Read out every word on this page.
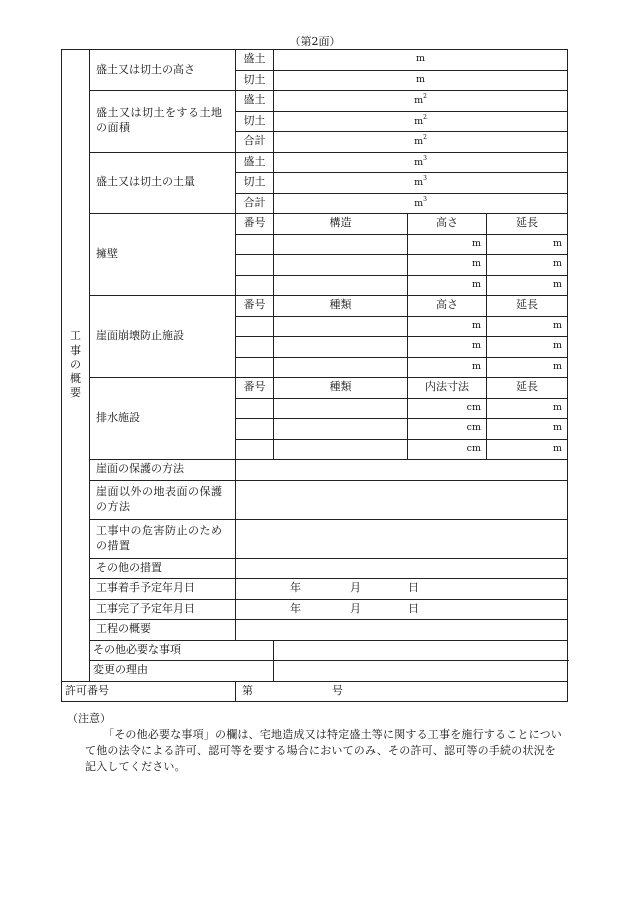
（第2面）
工事の概要	盛土又は切土の高さ	盛土	m		
		切土	m		
	盛土又は切土をする土地の面積	盛土	$m^2$
		切土	$m^2$
		合計	$m^2$
	盛土又は切土の土量	盛土	$m^3$
		切土	$m^3$
		合計	$m^3$
	擁壁	番号	構造	高さ	延長
				m	m
				m	m
				m	m
	崖面崩壊防止施設	番号	種類	高さ	延長
				m	m
				m	m
				m	m
	排水施設	番号	種類	内法寸法	延長
				cm	m
				cm	m
				cm	m
	崖面の保護の方法				
	崖面以外の地表面の保護の方法				
	工事中の危害防止のための措置				
	その他の措置				
	工事着手予定年月日	年 月 日			
	工事完了予定年月日	年 月 日			
	工程の概要				
	その他必要な事項				
	変更の理由				
許可番号		第 号			
（注意）
「その他必要な事項」の欄は、宅地造成又は特定盛土等に関する工事を施行することについて他の法令による許可、認可等を要する場合においてのみ、その許可、認可等の手続の状況を記入してください。
